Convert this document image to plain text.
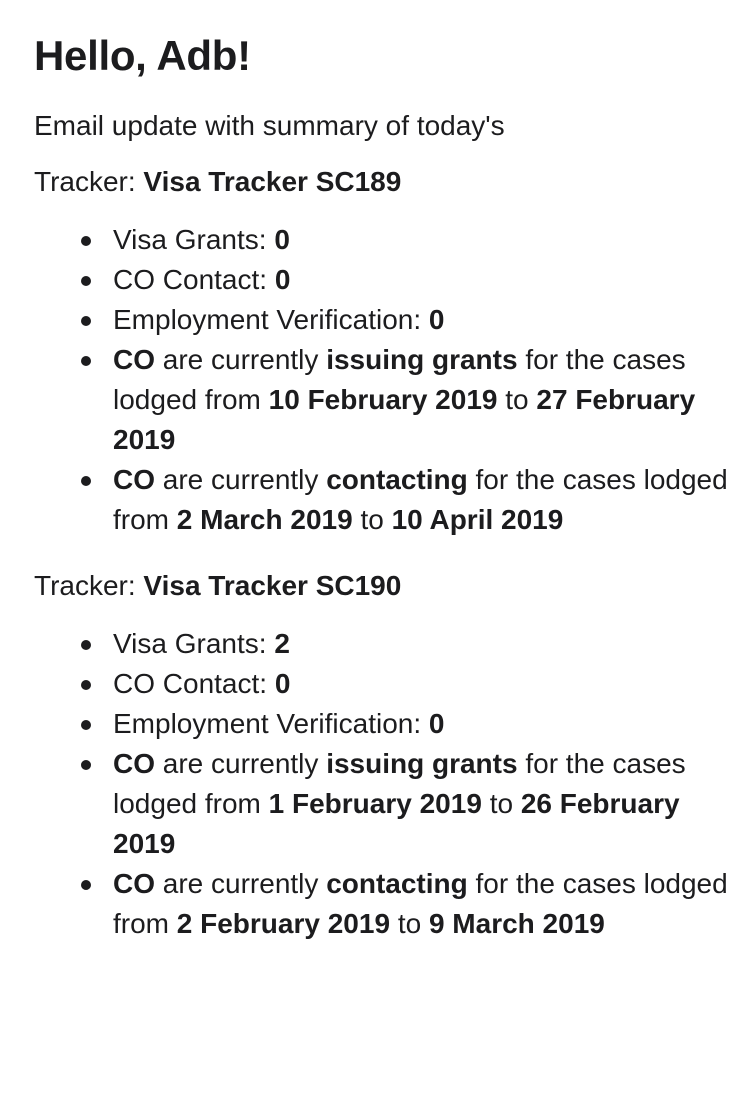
Hello, Adb!

Email update with summary of today's

Tracker: Visa Tracker SC189

Visa Grants: 0
CO Contact: 0
Employment Verification: 0
CO are currently issuing grants for the cases lodged from 10 February 2019 to 27 February 2019
CO are currently contacting for the cases lodged from 2 March 2019 to 10 April 2019

Tracker: Visa Tracker SC190

Visa Grants: 2
CO Contact: 0
Employment Verification: 0
CO are currently issuing grants for the cases lodged from 1 February 2019 to 26 February 2019
CO are currently contacting for the cases lodged from 2 February 2019 to 9 March 2019
